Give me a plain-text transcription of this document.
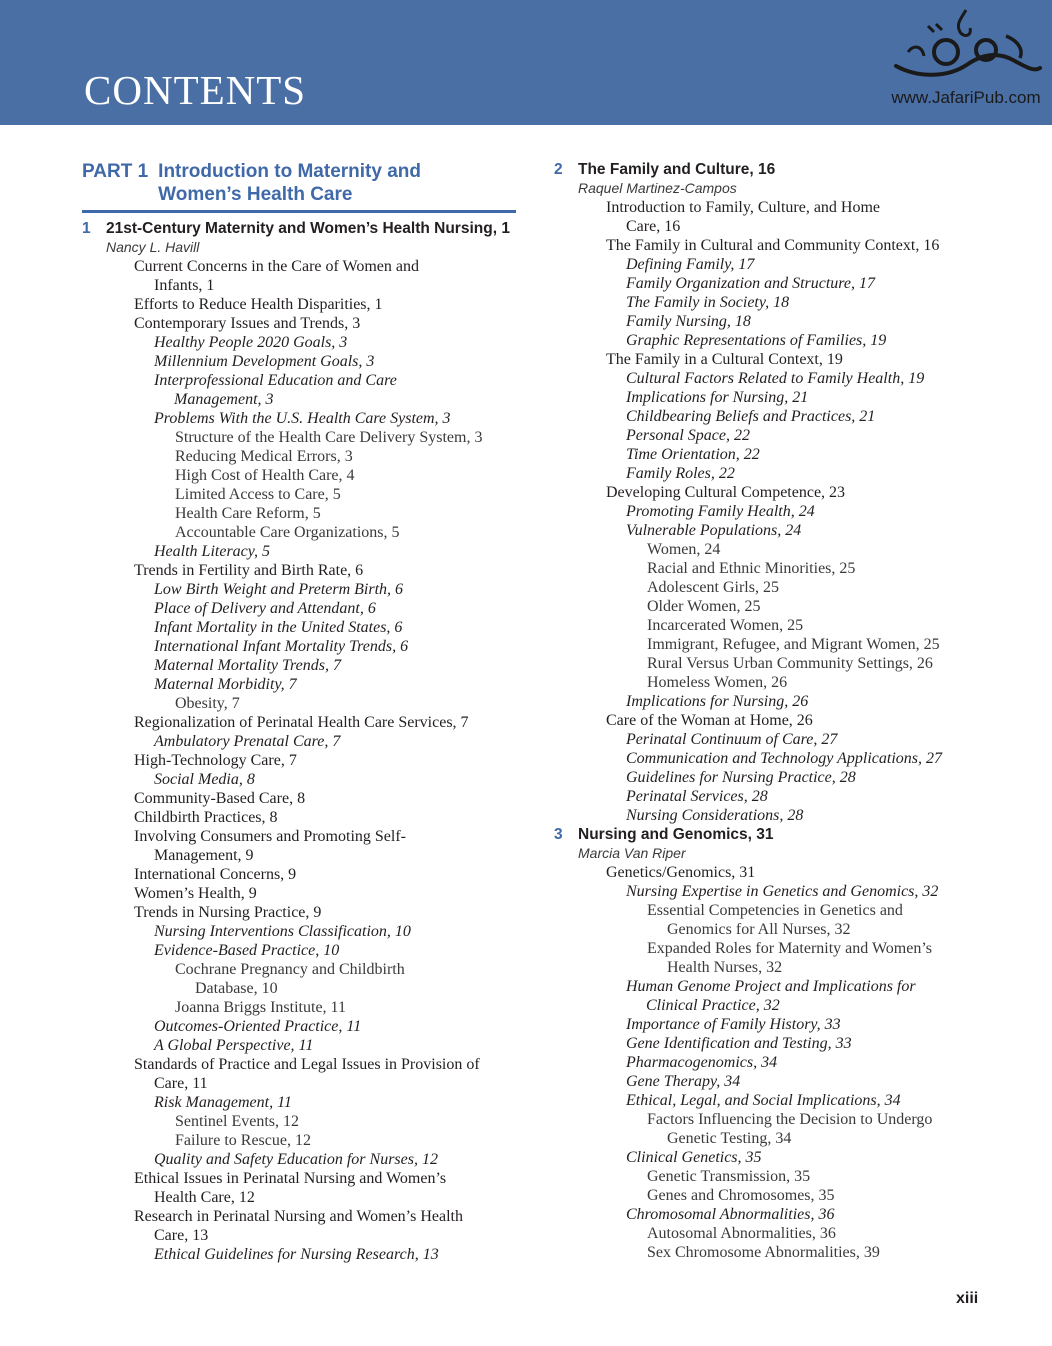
CONTENTS	www.JafariPub.com
PART 1 Introduction to Maternity and Women’s Health Care
1 21st-Century Maternity and Women’s Health Nursing, 1
Nancy L. Havill
Current Concerns in the Care of Women and
Infants, 1
Efforts to Reduce Health Disparities, 1
Contemporary Issues and Trends, 3
Healthy People 2020 Goals, 3
Millennium Development Goals, 3
Interprofessional Education and Care
Management, 3
Problems With the U.S. Health Care System, 3
Structure of the Health Care Delivery System, 3
Reducing Medical Errors, 3
High Cost of Health Care, 4
Limited Access to Care, 5
Health Care Reform, 5
Accountable Care Organizations, 5
Health Literacy, 5
Trends in Fertility and Birth Rate, 6
Low Birth Weight and Preterm Birth, 6
Place of Delivery and Attendant, 6
Infant Mortality in the United States, 6
International Infant Mortality Trends, 6
Maternal Mortality Trends, 7
Maternal Morbidity, 7
Obesity, 7
Regionalization of Perinatal Health Care Services, 7
Ambulatory Prenatal Care, 7
High-Technology Care, 7
Social Media, 8
Community-Based Care, 8
Childbirth Practices, 8
Involving Consumers and Promoting Self-
Management, 9
International Concerns, 9
Women’s Health, 9
Trends in Nursing Practice, 9
Nursing Interventions Classification, 10
Evidence-Based Practice, 10
Cochrane Pregnancy and Childbirth
Database, 10
Joanna Briggs Institute, 11
Outcomes-Oriented Practice, 11
A Global Perspective, 11
Standards of Practice and Legal Issues in Provision of
Care, 11
Risk Management, 11
Sentinel Events, 12
Failure to Rescue, 12
Quality and Safety Education for Nurses, 12
Ethical Issues in Perinatal Nursing and Women’s
Health Care, 12
Research in Perinatal Nursing and Women’s Health
Care, 13
Ethical Guidelines for Nursing Research, 13
2 The Family and Culture, 16
Raquel Martinez-Campos
Introduction to Family, Culture, and Home
Care, 16
The Family in Cultural and Community Context, 16
Defining Family, 17
Family Organization and Structure, 17
The Family in Society, 18
Family Nursing, 18
Graphic Representations of Families, 19
The Family in a Cultural Context, 19
Cultural Factors Related to Family Health, 19
Implications for Nursing, 21
Childbearing Beliefs and Practices, 21
Personal Space, 22
Time Orientation, 22
Family Roles, 22
Developing Cultural Competence, 23
Promoting Family Health, 24
Vulnerable Populations, 24
Women, 24
Racial and Ethnic Minorities, 25
Adolescent Girls, 25
Older Women, 25
Incarcerated Women, 25
Immigrant, Refugee, and Migrant Women, 25
Rural Versus Urban Community Settings, 26
Homeless Women, 26
Implications for Nursing, 26
Care of the Woman at Home, 26
Perinatal Continuum of Care, 27
Communication and Technology Applications, 27
Guidelines for Nursing Practice, 28
Perinatal Services, 28
Nursing Considerations, 28
3 Nursing and Genomics, 31
Marcia Van Riper
Genetics/Genomics, 31
Nursing Expertise in Genetics and Genomics, 32
Essential Competencies in Genetics and
Genomics for All Nurses, 32
Expanded Roles for Maternity and Women’s
Health Nurses, 32
Human Genome Project and Implications for
Clinical Practice, 32
Importance of Family History, 33
Gene Identification and Testing, 33
Pharmacogenomics, 34
Gene Therapy, 34
Ethical, Legal, and Social Implications, 34
Factors Influencing the Decision to Undergo
Genetic Testing, 34
Clinical Genetics, 35
Genetic Transmission, 35
Genes and Chromosomes, 35
Chromosomal Abnormalities, 36
Autosomal Abnormalities, 36
Sex Chromosome Abnormalities, 39
xiii
